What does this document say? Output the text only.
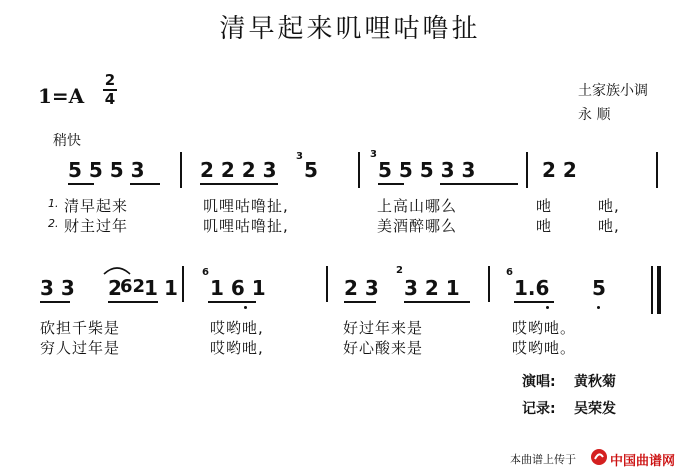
清早起来叽哩咕噜扯
1=A
2
4	土家族小调
永 顺
稍快
5 5 5 3	2 2 2 3
3
5
3
5 5 5 3 3	2 2
1. 清早起来	叽哩咕噜扯,	上高山哪么	吔	吔,
2. 财主过年	叽哩咕噜扯,	美酒醉哪么	吔	吔,
3 3 2
62
1 1
6
1 6 1	2 3
2
3 2 1
6
1.6 5
砍担千柴是	哎哟吔,	好过年来是	哎哟吔。
穷人过年是	哎哟吔,	好心酸来是	哎哟吔。
演唱: 黄秋菊
记录: 吴荣发
本曲谱上传于	中国曲谱网
